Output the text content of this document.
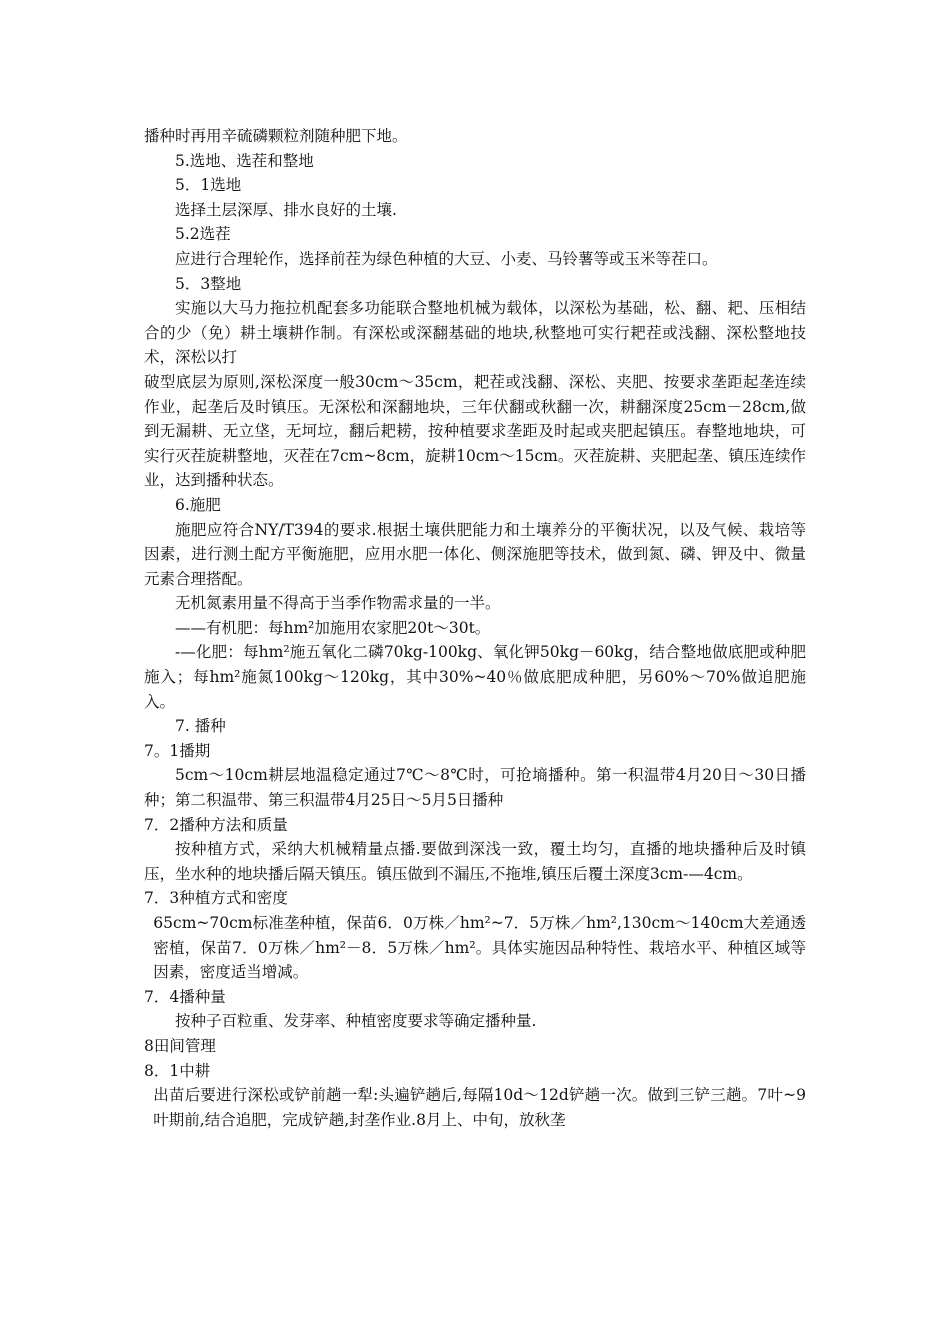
播种时再用辛硫磷颗粒剂随种肥下地。

5.选地、选茬和整地

5．1选地

选择土层深厚、排水良好的土壤.

5.2选茬

应进行合理轮作，选择前茬为绿色种植的大豆、小麦、马铃薯等或玉米等茬口。

5．3整地

实施以大马力拖拉机配套多功能联合整地机械为载体，以深松为基础，松、翻、耙、压相结合的少（免）耕土壤耕作制。有深松或深翻基础的地块,秋整地可实行耙茬或浅翻、深松整地技术，深松以打

破型底层为原则,深松深度一般30cm～35cm，耙茬或浅翻、深松、夹肥、按要求垄距起垄连续作业，起垄后及时镇压。无深松和深翻地块，三年伏翻或秋翻一次，耕翻深度25cm－28cm,做到无漏耕、无立垡，无坷垃，翻后耙耢，按种植要求垄距及时起或夹肥起镇压。春整地地块，可实行灭茬旋耕整地，灭茬在7cm~8cm，旋耕10cm～15cm。灭茬旋耕、夹肥起垄、镇压连续作业，达到播种状态。

6.施肥

施肥应符合NY/T394的要求.根据土壤供肥能力和土壤养分的平衡状况，以及气候、栽培等因素，进行测土配方平衡施肥，应用水肥一体化、侧深施肥等技术，做到氮、磷、钾及中、微量元素合理搭配。

无机氮素用量不得高于当季作物需求量的一半。

——有机肥：每hm²加施用农家肥20t～30t。

-—化肥：每hm²施五氧化二磷70kg-100kg、氧化钾50kg－60kg，结合整地做底肥或种肥施入；每hm²施氮100kg～120kg，其中30%~40％做底肥成种肥，另60%～70%做追肥施入。

7. 播种

7。1播期

5cm～10cm耕层地温稳定通过7℃～8℃时，可抢墒播种。第一积温带4月20日～30日播种；第二积温带、第三积温带4月25日～5月5日播种

7．2播种方法和质量

按种植方式，采纳大机械精量点播.要做到深浅一致，覆土均匀，直播的地块播种后及时镇压，坐水种的地块播后隔天镇压。镇压做到不漏压,不拖堆,镇压后覆土深度3cm-—4cm。

7．3种植方式和密度

65cm~70cm标准垄种植，保苗6．0万株／hm²~7．5万株／hm²,130cm～140cm大差通透密植，保苗7．0万株／hm²－8．5万株／hm²。具体实施因品种特性、栽培水平、种植区域等因素，密度适当增减。

7．4播种量

按种子百粒重、发芽率、种植密度要求等确定播种量.

8田间管理

8．1中耕

出苗后要进行深松或铲前趟一犁:头遍铲趟后,每隔10d～12d铲趟一次。做到三铲三趟。7叶~9叶期前,结合追肥，完成铲趟,封垄作业.8月上、中旬，放秋垄
